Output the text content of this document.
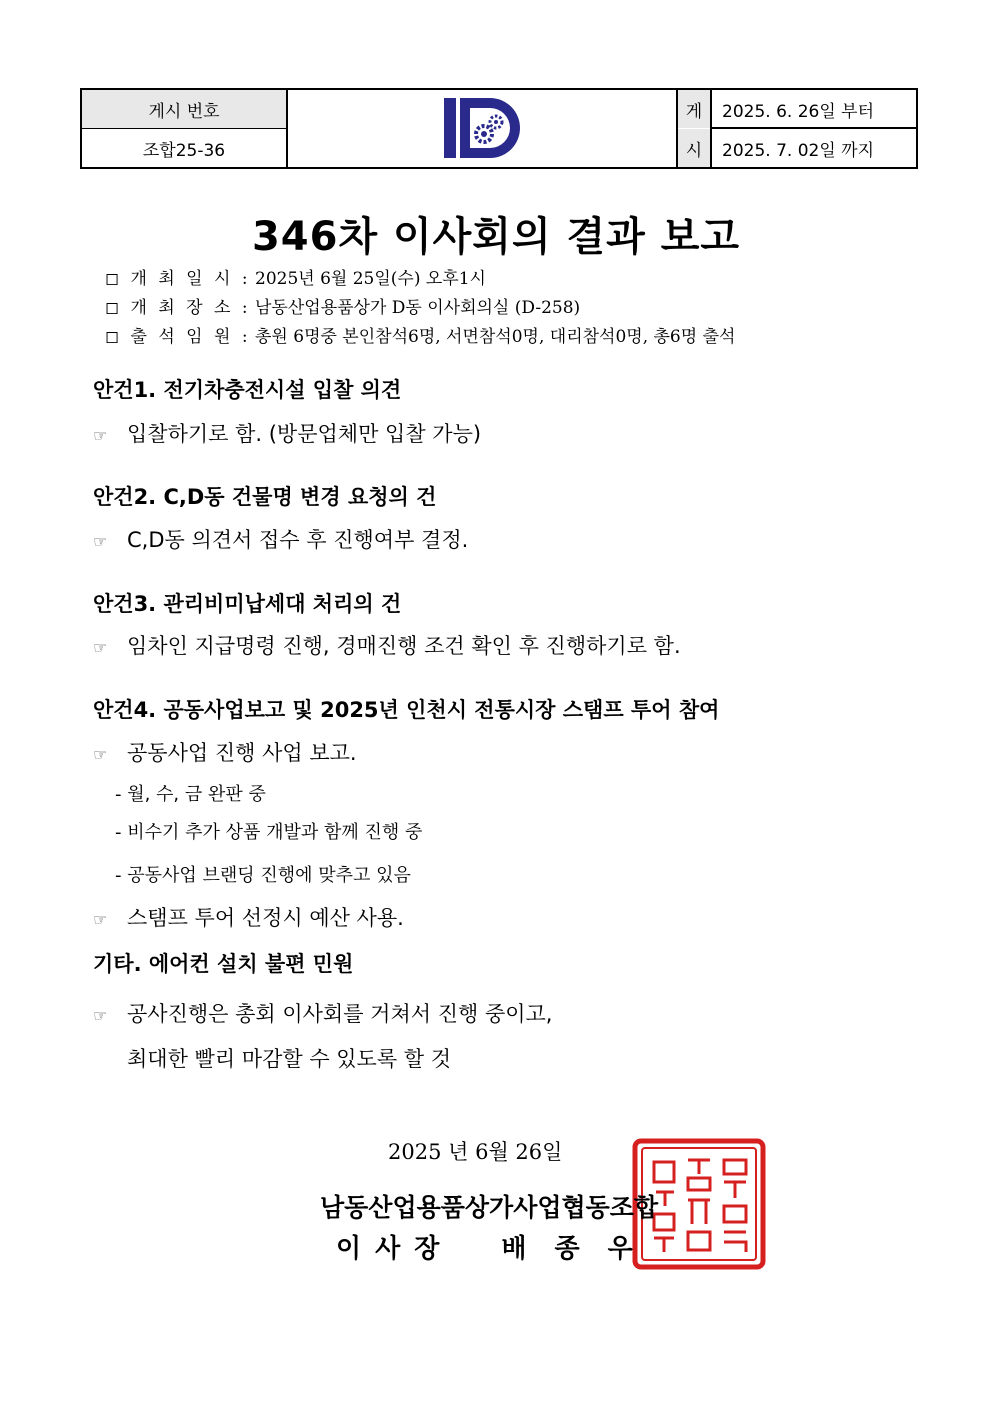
게시 번호
조합25-36
게
시
2025. 6. 26일 부터
2025. 7. 02일 까지
346차 이사회의 결과 보고
◻ 개 최 일 시 : 2025년 6월 25일(수) 오후1시
◻ 개 최 장 소 : 남동산업용품상가 D동 이사회의실 (D-258)
◻ 출 석 임 원 : 총원 6명중 본인참석6명, 서면참석0명, 대리참석0명, 총6명 출석
안건1. 전기차충전시설 입찰 의견
☞ 입찰하기로 함. (방문업체만 입찰 가능)
안건2. C,D동 건물명 변경 요청의 건
☞ C,D동 의견서 접수 후 진행여부 결정.
안건3. 관리비미납세대 처리의 건
☞ 임차인 지급명령 진행, 경매진행 조건 확인 후 진행하기로 함.
안건4. 공동사업보고 및 2025년 인천시 전통시장 스탬프 투어 참여
☞ 공동사업 진행 사업 보고.
- 월, 수, 금 완판 중
- 비수기 추가 상품 개발과 함께 진행 중
- 공동사업 브랜딩 진행에 맞추고 있음
☞ 스탬프 투어 선정시 예산 사용.
기타. 에어컨 설치 불편 민원
☞ 공사진행은 총회 이사회를 거쳐서 진행 중이고,
최대한 빨리 마감할 수 있도록 할 것
2025 년 6월 26일
남동산업용품상가사업협동조합
이사장 배종우
